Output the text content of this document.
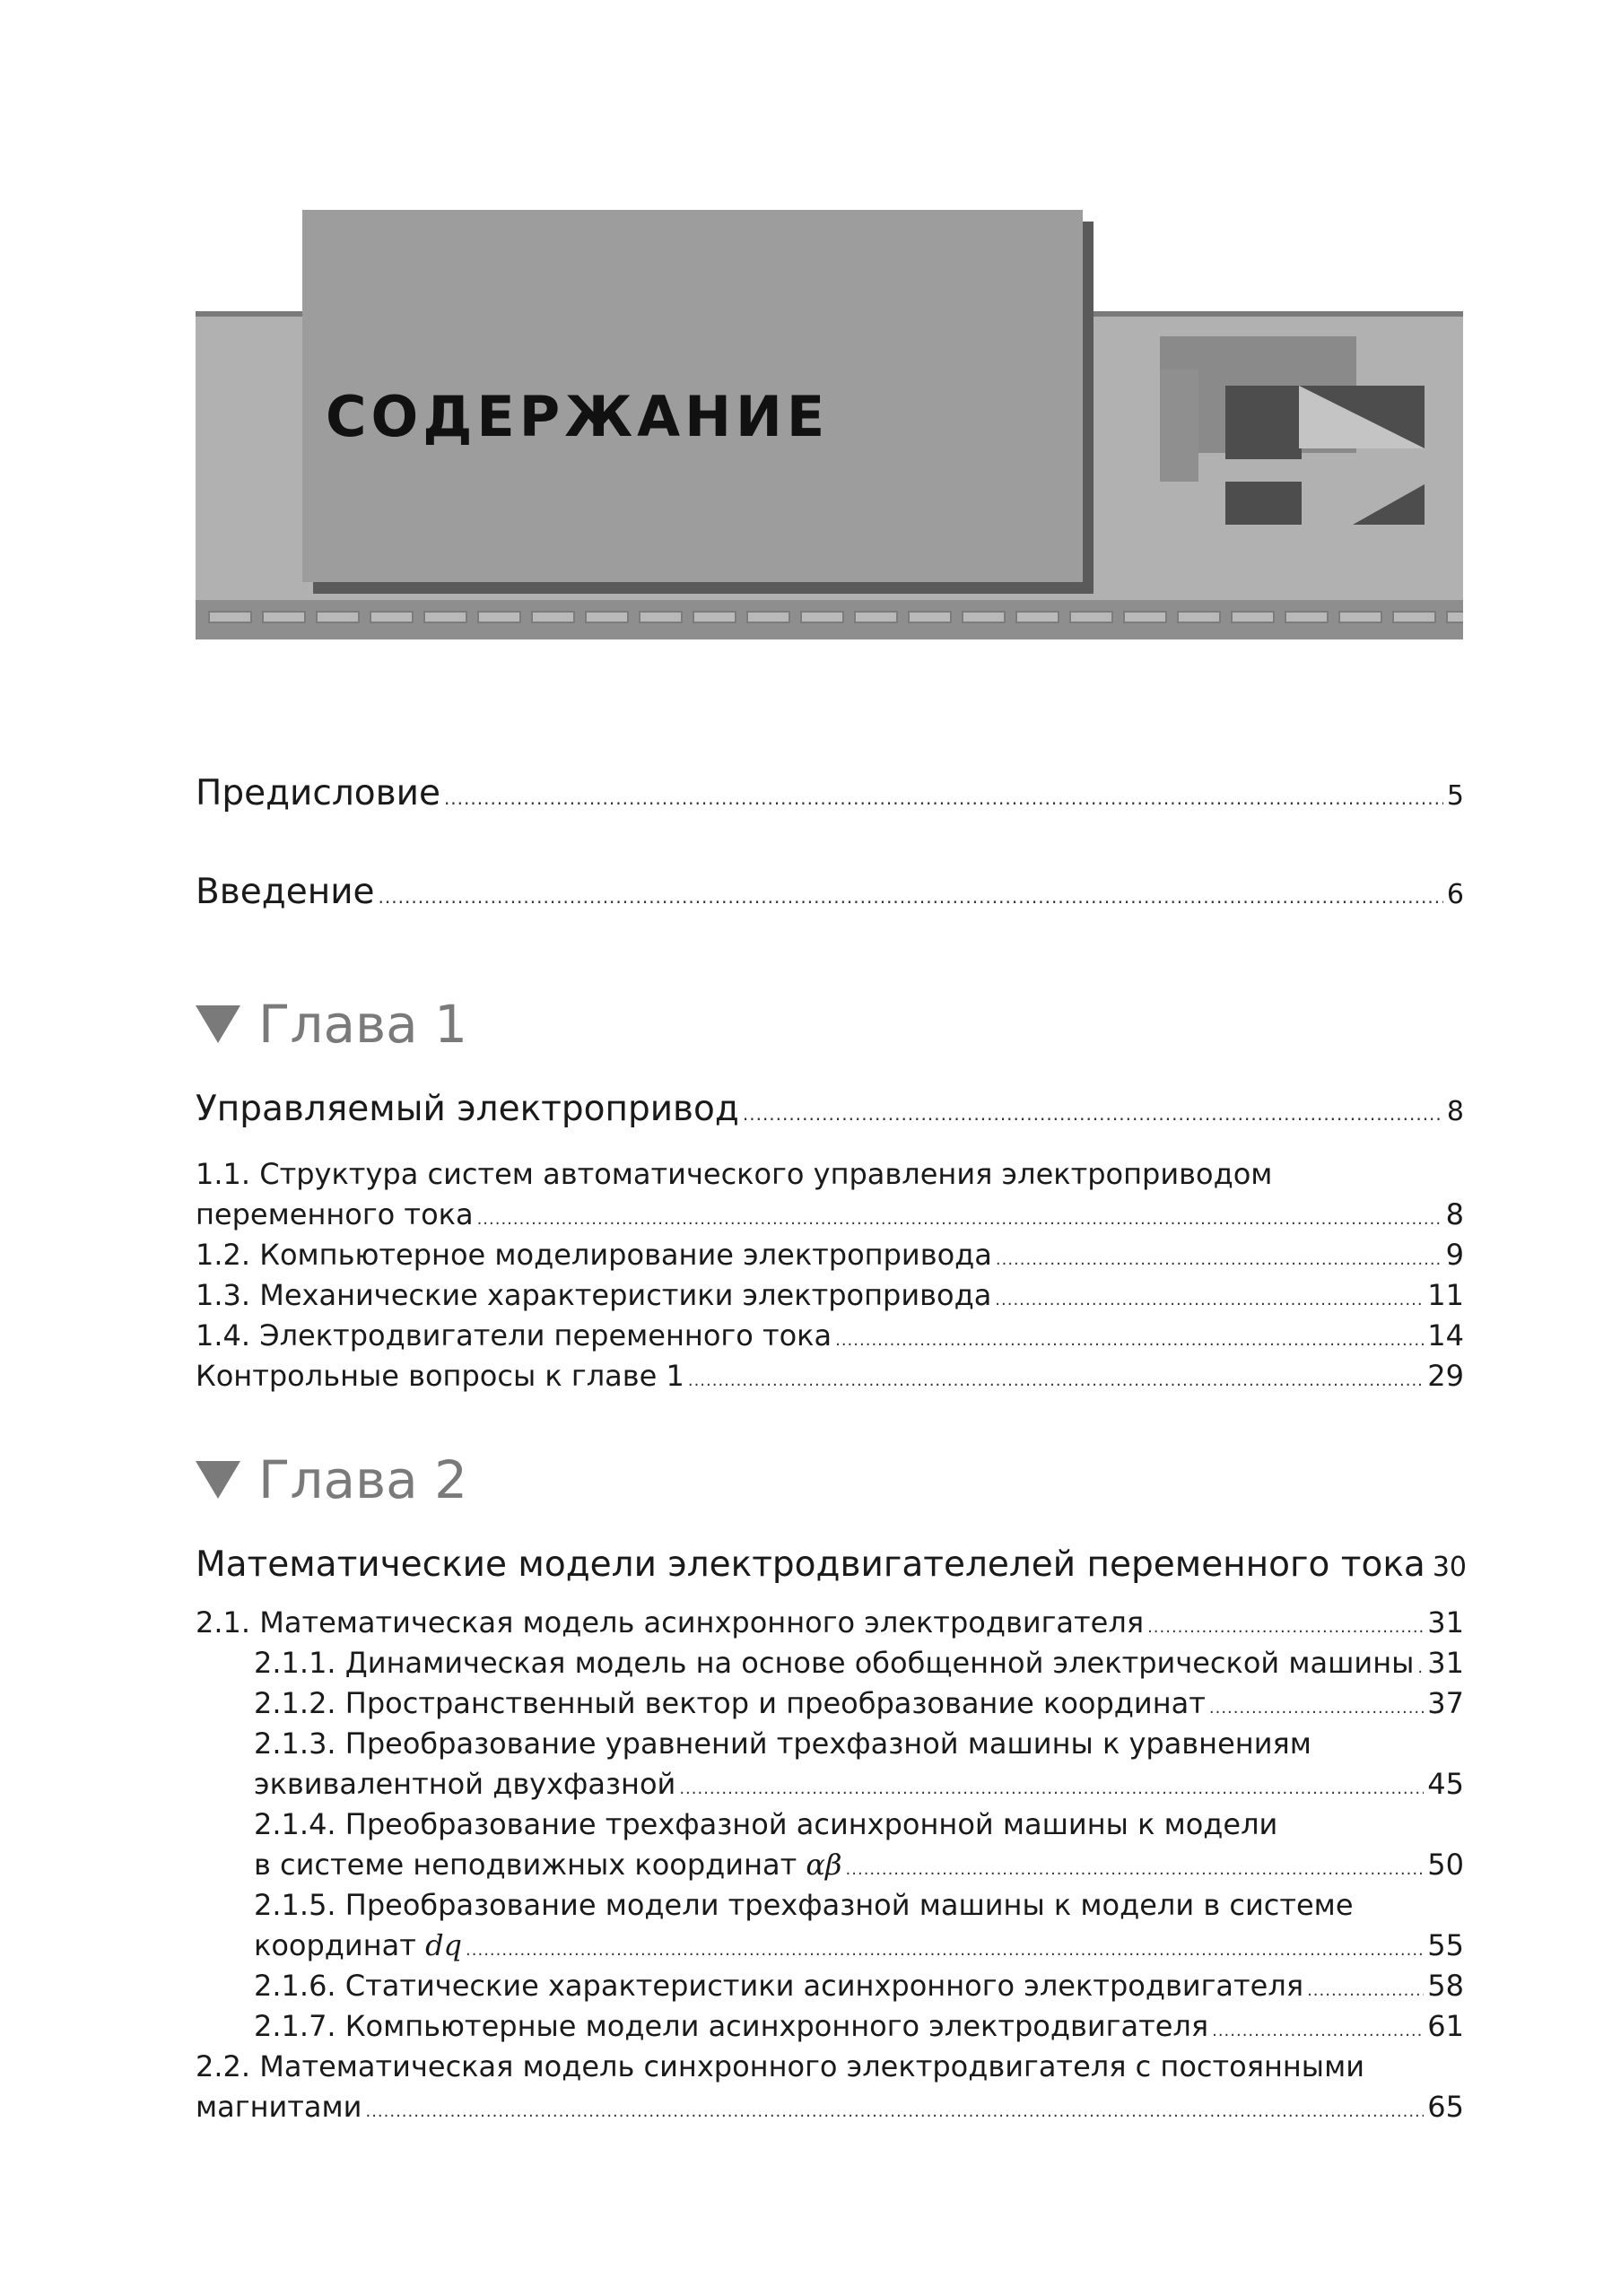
СОДЕРЖАНИЕ
Предисловие .....	5
Введение .....	6
Глава 1
Управляемый электропривод .....	8
1.1. Структура систем автоматического управления электроприводом
переменного тока .....	8
1.2. Компьютерное моделирование электропривода .....	9
1.3. Механические характеристики электропривода .....	11
1.4. Электродвигатели переменного тока .....	14
Контрольные вопросы к главе 1 .....	29
Глава 2
Математические модели электродвигателелей переменного тока 30
2.1. Математическая модель асинхронного электродвигателя .....	31
2.1.1. Динамическая модель на основе обобщенной электрической машины ..... 31
2.1.2. Пространственный вектор и преобразование координат .....	37
2.1.3. Преобразование уравнений трехфазной машины к уравнениям
эквивалентной двухфазной .....	45
2.1.4. Преобразование трехфазной асинхронной машины к модели
в системе неподвижных координат αβ .....	50
2.1.5. Преобразование модели трехфазной машины к модели в системе
координат dq .....	55
2.1.6. Статические характеристики асинхронного электродвигателя .....	58
2.1.7. Компьютерные модели асинхронного электродвигателя .....	61
2.2. Математическая модель синхронного электродвигателя с постоянными
магнитами .....	65
